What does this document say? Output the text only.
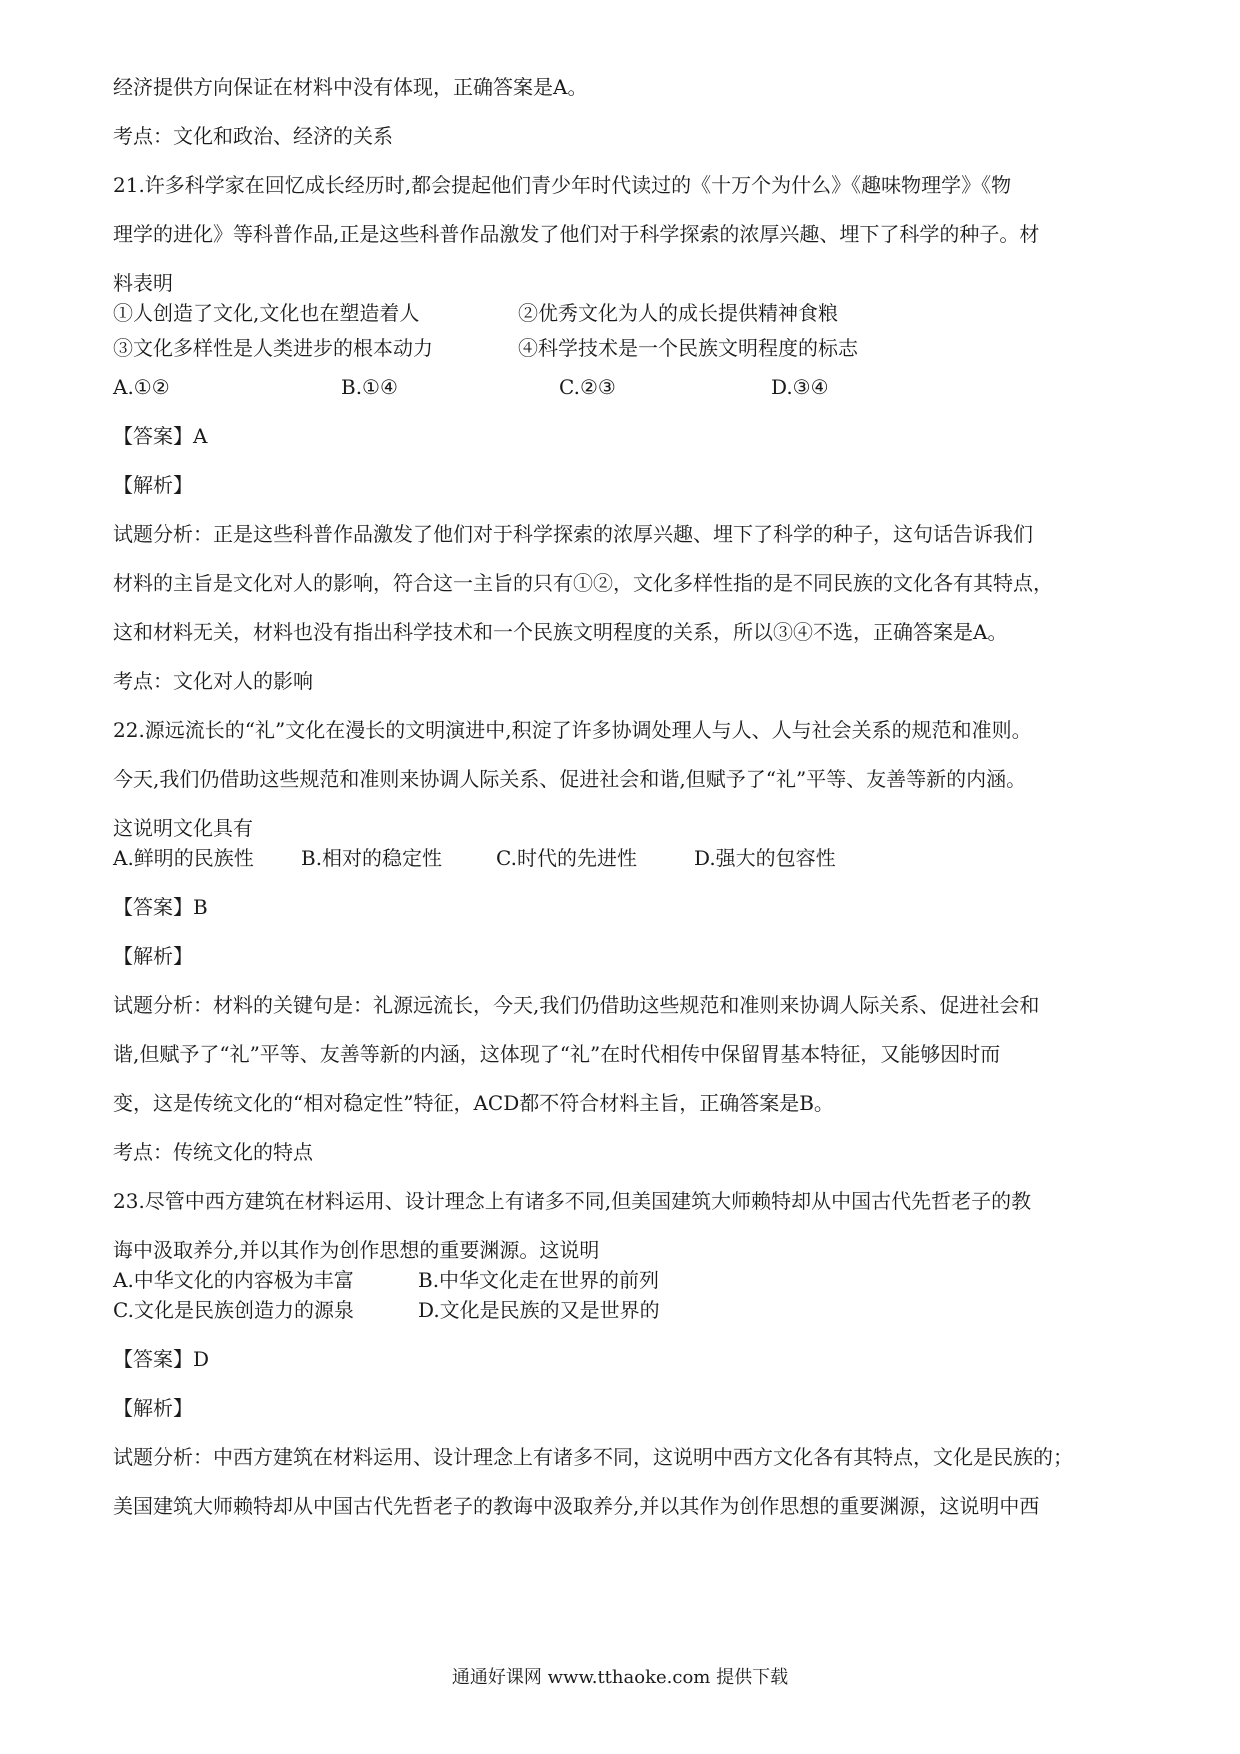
经济提供方向保证在材料中没有体现，正确答案是A。

考点：文化和政治、经济的关系

21.许多科学家在回忆成长经历时,都会提起他们青少年时代读过的《十万个为什么》《趣味物理学》《物

理学的进化》等科普作品,正是这些科普作品激发了他们对于科学探索的浓厚兴趣、埋下了科学的种子。材

料表明

①人创造了文化,文化也在塑造着人	②优秀文化为人的成长提供精神食粮
③文化多样性是人类进步的根本动力	④科学技术是一个民族文明程度的标志
A.①②	B.①④	C.②③	D.③④

【答案】A

【解析】

试题分析：正是这些科普作品激发了他们对于科学探索的浓厚兴趣、埋下了科学的种子，这句话告诉我们

材料的主旨是文化对人的影响，符合这一主旨的只有①②，文化多样性指的是不同民族的文化各有其特点，

这和材料无关，材料也没有指出科学技术和一个民族文明程度的关系，所以③④不选，正确答案是A。

考点：文化对人的影响

22.源远流长的“礼”文化在漫长的文明演进中,积淀了许多协调处理人与人、人与社会关系的规范和准则。

今天,我们仍借助这些规范和准则来协调人际关系、促进社会和谐,但赋予了“礼”平等、友善等新的内涵。

这说明文化具有

A.鲜明的民族性	B.相对的稳定性	C.时代的先进性	D.强大的包容性

【答案】B

【解析】

试题分析：材料的关键句是：礼源远流长，今天,我们仍借助这些规范和准则来协调人际关系、促进社会和

谐,但赋予了“礼”平等、友善等新的内涵，这体现了“礼”在时代相传中保留胃基本特征，又能够因时而

变，这是传统文化的“相对稳定性”特征，ACD都不符合材料主旨，正确答案是B。

考点：传统文化的特点

23.尽管中西方建筑在材料运用、设计理念上有诸多不同,但美国建筑大师赖特却从中国古代先哲老子的教

诲中汲取养分,并以其作为创作思想的重要渊源。这说明

A.中华文化的内容极为丰富	B.中华文化走在世界的前列
C.文化是民族创造力的源泉	D.文化是民族的又是世界的

【答案】D

【解析】

试题分析：中西方建筑在材料运用、设计理念上有诸多不同，这说明中西方文化各有其特点，文化是民族的；

美国建筑大师赖特却从中国古代先哲老子的教诲中汲取养分,并以其作为创作思想的重要渊源，这说明中西

通通好课网 www.tthaoke.com 提供下载
